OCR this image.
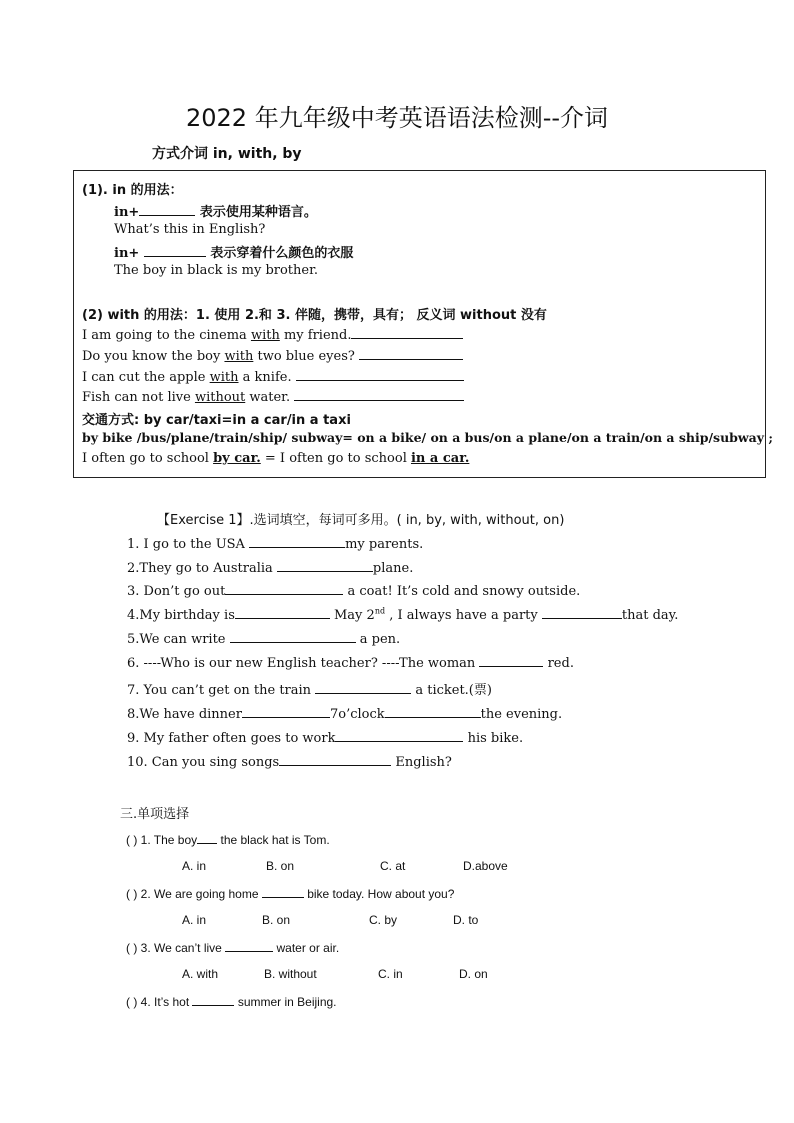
2022 年九年级中考英语语法检测--介词
方式介词 in, with, by
(1). in 的用法：
in+	表示使用某种语言。
What’s this in English?
in+	表示穿着什么颜色的衣服
The boy in black is my brother.
(2) with 的用法：1. 使用 2.和 3. 伴随，携带，具有； 反义词 without 没有
I am going to the cinema with my friend.
Do you know the boy with two blue eyes?
I can cut the apple with a knife.
Fish can not live without water.
交通方式: by car/taxi=in a car/in a taxi
by bike /bus/plane/train/ship/ subway= on a bike/ on a bus/on a plane/on a train/on a ship/subway ;
I often go to school by car. = I often go to school in a car.
【Exercise 1】.选词填空，每词可多用。( in, by, with, without, on)
1. I go to the USA	my parents.
2.They go to Australia	plane.
3. Don’t go out	a coat! It’s cold and snowy outside.
4.My birthday is	May 2nd , I always have a party	that day.
5.We can write	a pen.
6. ----Who is our new English teacher? ----The woman	red.
7. You can’t get on the train	a ticket.(票)
8.We have dinner	7o’clock	the evening.
9. My father often goes to work	his bike.
10. Can you sing songs	English?
三.单项选择
( ) 1. The boy the black hat is Tom.
A. in	B. on	C. at	D.above
( ) 2. We are going home	bike today. How about you?
A. in	B. on	C. by	D. to
( ) 3. We can’t live	water or air.
A. with	B. without	C. in	D. on
( ) 4. It’s hot	summer in Beijing.
